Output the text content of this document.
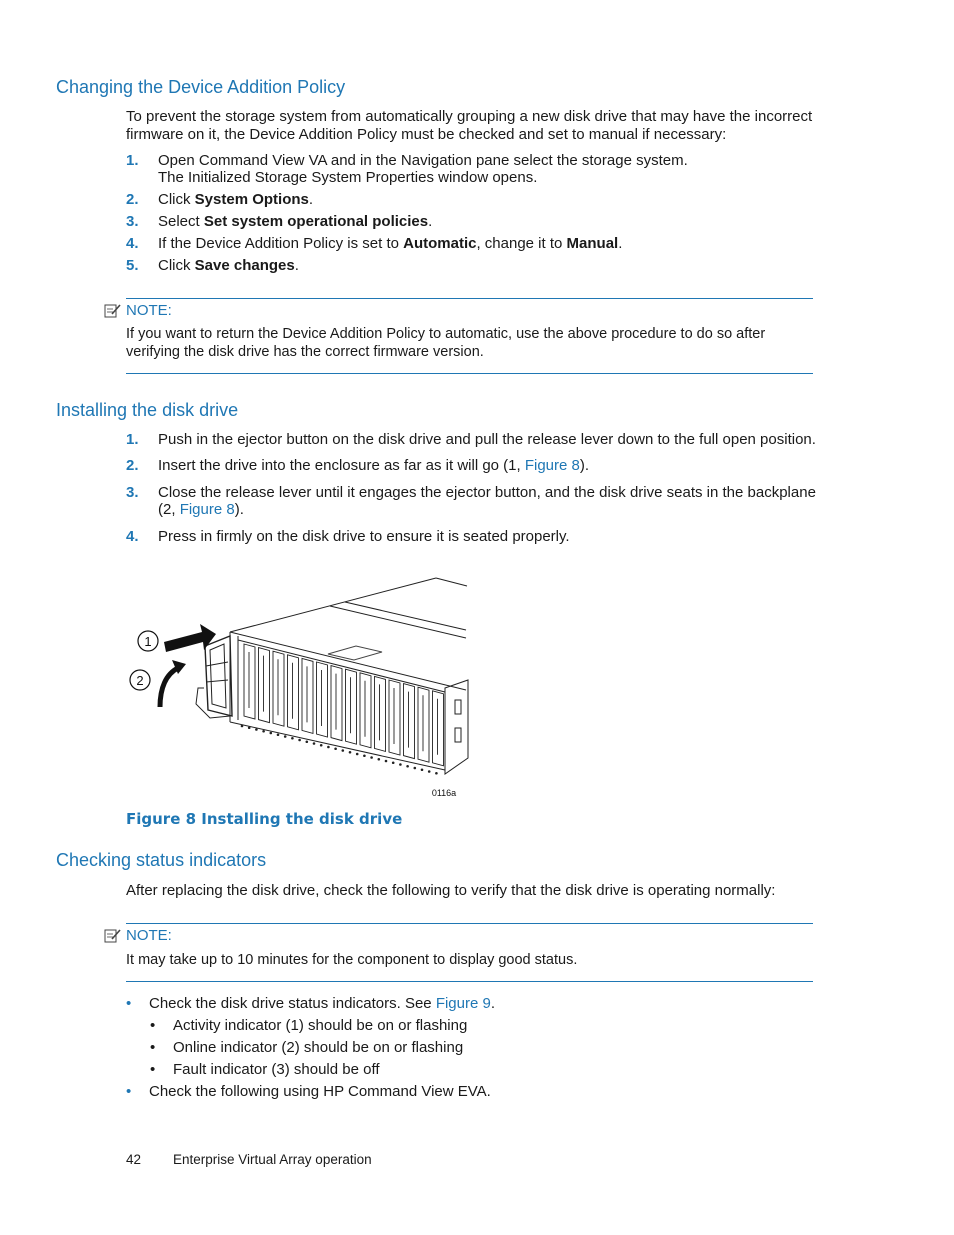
Changing the Device Addition Policy

To prevent the storage system from automatically grouping a new disk drive that may have the incorrect
firmware on it, the Device Addition Policy must be checked and set to manual if necessary:

1. Open Command View VA and in the Navigation pane select the storage system.
The Initialized Storage System Properties window opens.
2. Click System Options.
3. Select Set system operational policies.
4. If the Device Addition Policy is set to Automatic, change it to Manual.
5. Click Save changes.
NOTE:
If you want to return the Device Addition Policy to automatic, use the above procedure to do so after
verifying the disk drive has the correct firmware version.
Installing the disk drive
1. Push in the ejector button on the disk drive and pull the release lever down to the full open position.
2. Insert the drive into the enclosure as far as it will go (1, Figure 8).
3. Close the release lever until it engages the ejector button, and the disk drive seats in the backplane
(2, Figure 8).
4. Press in firmly on the disk drive to ensure it is seated properly.
1
2
0116a
Figure 8 Installing the disk drive
Checking status indicators

After replacing the disk drive, check the following to verify that the disk drive is operating normally:

NOTE:
It may take up to 10 minutes for the component to display good status.
• Check the disk drive status indicators. See Figure 9.
• Activity indicator (1) should be on or flashing
• Online indicator (2) should be on or flashing
• Fault indicator (3) should be off
• Check the following using HP Command View EVA.
42 Enterprise Virtual Array operation
